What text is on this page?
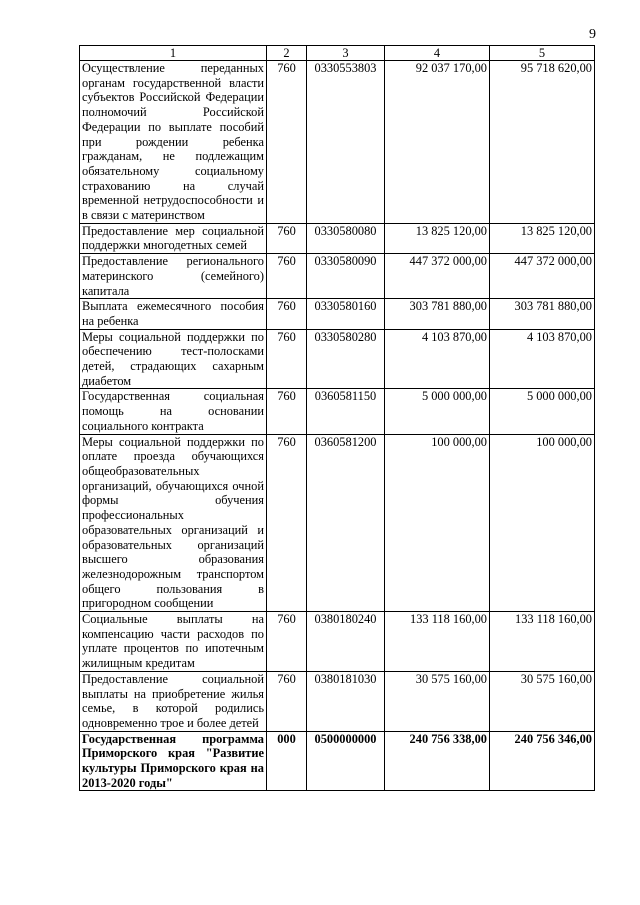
9
1	2	3	4	5
Осуществление переданных органам государственной власти субъектов Российской Федерации полномочий Российской Федерации по выплате пособий при рождении ребенка гражданам, не подлежащим обязательному социальному страхованию на случай временной нетрудоспособности и в связи с материнством	760	0330553803	92 037 170,00	95 718 620,00
Предоставление мер социальной поддержки многодетных семей	760	0330580080	13 825 120,00	13 825 120,00
Предоставление регионального материнского (семейного) капитала	760	0330580090	447 372 000,00	447 372 000,00
Выплата ежемесячного пособия на ребенка	760	0330580160	303 781 880,00	303 781 880,00
Меры социальной поддержки по обеспечению тест-полосками детей, страдающих сахарным диабетом	760	0330580280	4 103 870,00	4 103 870,00
Государственная социальная помощь на основании социального контракта	760	0360581150	5 000 000,00	5 000 000,00
Меры социальной поддержки по оплате проезда обучающихся общеобразовательных организаций, обучающихся очной формы обучения профессиональных образовательных организаций и образовательных организаций высшего образования железнодорожным транспортом общего пользования в пригородном сообщении	760	0360581200	100 000,00	100 000,00
Социальные выплаты на компенсацию части расходов по уплате процентов по ипотечным жилищным кредитам	760	0380180240	133 118 160,00	133 118 160,00
Предоставление социальной выплаты на приобретение жилья семье, в которой родились одновременно трое и более детей	760	0380181030	30 575 160,00	30 575 160,00
Государственная программа Приморского края "Развитие культуры Приморского края на 2013-2020 годы"	000	0500000000	240 756 338,00	240 756 346,00
